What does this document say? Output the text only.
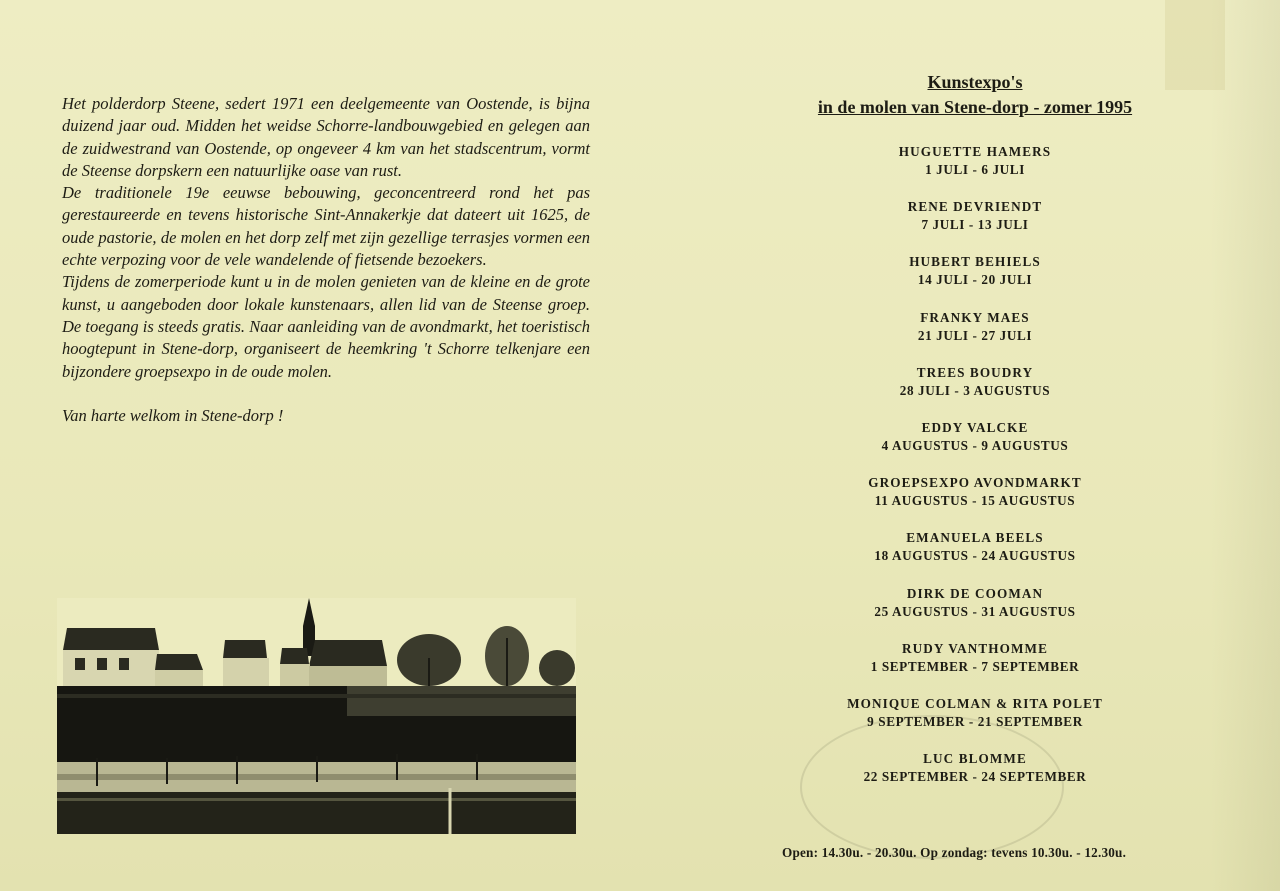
Het polderdorp Steene, sedert 1971 een deelgemeente van Oostende, is bijna duizend jaar oud. Midden het weidse Schorre-landbouwgebied en gelegen aan de zuidwestrand van Oostende, op ongeveer 4 km van het stadscentrum, vormt de Steense dorpskern een natuurlijke oase van rust.

De traditionele 19e eeuwse bebouwing, geconcentreerd rond het pas gerestaureerde en tevens historische Sint-Annakerkje dat dateert uit 1625, de oude pastorie, de molen en het dorp zelf met zijn gezellige terrasjes vormen een echte verpozing voor de vele wandelende of fietsende bezoekers.

Tijdens de zomerperiode kunt u in de molen genieten van de kleine en de grote kunst, u aangeboden door lokale kunstenaars, allen lid van de Steense groep. De toegang is steeds gratis. Naar aanleiding van de avondmarkt, het toeristisch hoogtepunt in Stene-dorp, organiseert de heemkring 't Schorre telkenjare een bijzondere groepsexpo in de oude molen.

Van harte welkom in Stene-dorp !

Kunstexpo's
in de molen van Stene-dorp - zomer 1995
HUGUETTE HAMERS
1 JULI - 6 JULI
RENE DEVRIENDT
7 JULI - 13 JULI
HUBERT BEHIELS
14 JULI - 20 JULI
FRANKY MAES
21 JULI - 27 JULI
TREES BOUDRY
28 JULI - 3 AUGUSTUS
EDDY VALCKE
4 AUGUSTUS - 9 AUGUSTUS
GROEPSEXPO AVONDMARKT
11 AUGUSTUS - 15 AUGUSTUS
EMANUELA BEELS
18 AUGUSTUS - 24 AUGUSTUS
DIRK DE COOMAN
25 AUGUSTUS - 31 AUGUSTUS
RUDY VANTHOMME
1 SEPTEMBER - 7 SEPTEMBER
MONIQUE COLMAN & RITA POLET
9 SEPTEMBER - 21 SEPTEMBER
LUC BLOMME
22 SEPTEMBER - 24 SEPTEMBER
Open: 14.30u. - 20.30u. Op zondag: tevens 10.30u. - 12.30u.
